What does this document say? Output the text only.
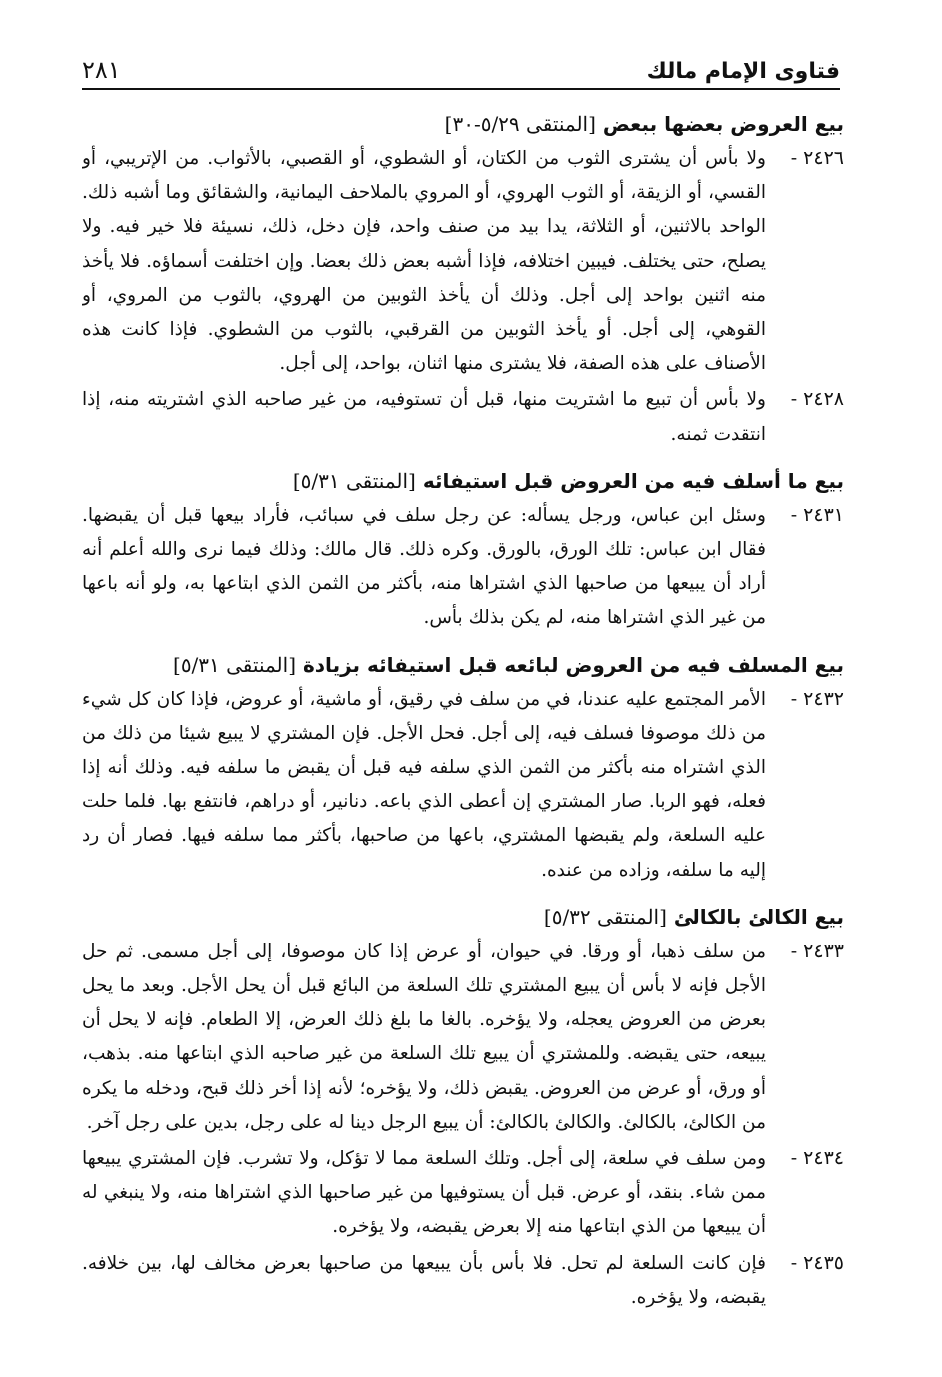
فتاوى الإمام مالك
٢٨١
بيع العروض بعضها ببعض [المنتقى ٥/٢٩-٣٠]
٢٤٢٦ -
ولا بأس أن يشترى الثوب من الكتان، أو الشطوي، أو القصبي، بالأثواب. من الإتريبي، أو القسي، أو الزيقة، أو الثوب الهروي، أو المروي بالملاحف اليمانية، والشقائق وما أشبه ذلك. الواحد بالاثنين، أو الثلاثة، يدا بيد من صنف واحد، فإن دخل، ذلك، نسيئة فلا خير فيه. ولا يصلح، حتى يختلف. فيبين اختلافه، فإذا أشبه بعض ذلك بعضا. وإن اختلفت أسماؤه. فلا يأخذ منه اثنين بواحد إلى أجل. وذلك أن يأخذ الثوبين من الهروي، بالثوب من المروي، أو القوهي، إلى أجل. أو يأخذ الثوبين من القرقبي، بالثوب من الشطوي. فإذا كانت هذه الأصناف على هذه الصفة، فلا يشترى منها اثنان، بواحد، إلى أجل.
٢٤٢٨ -
ولا بأس أن تبيع ما اشتريت منها، قبل أن تستوفيه، من غير صاحبه الذي اشتريته منه، إذا انتقدت ثمنه.
بيع ما أسلف فيه من العروض قبل استيفائه [المنتقى ٥/٣١]
٢٤٣١ -
وسئل ابن عباس، ورجل يسأله: عن رجل سلف في سبائب، فأراد بيعها قبل أن يقبضها. فقال ابن عباس: تلك الورق، بالورق. وكره ذلك. قال مالك: وذلك فيما نرى والله أعلم أنه أراد أن يبيعها من صاحبها الذي اشتراها منه، بأكثر من الثمن الذي ابتاعها به، ولو أنه باعها من غير الذي اشتراها منه، لم يكن بذلك بأس.
بيع المسلف فيه من العروض لبائعه قبل استيفائه بزيادة [المنتقى ٥/٣١]
٢٤٣٢ -
الأمر المجتمع عليه عندنا، في من سلف في رقيق، أو ماشية، أو عروض، فإذا كان كل شيء من ذلك موصوفا فسلف فيه، إلى أجل. فحل الأجل. فإن المشتري لا يبيع شيئا من ذلك من الذي اشتراه منه بأكثر من الثمن الذي سلفه فيه قبل أن يقبض ما سلفه فيه. وذلك أنه إذا فعله، فهو الربا. صار المشتري إن أعطى الذي باعه. دنانير، أو دراهم، فانتفع بها. فلما حلت عليه السلعة، ولم يقبضها المشتري، باعها من صاحبها، بأكثر مما سلفه فيها. فصار أن رد إليه ما سلفه، وزاده من عنده.
بيع الكالئ بالكالئ [المنتقى ٥/٣٢]
٢٤٣٣ -
من سلف ذهبا، أو ورقا. في حيوان، أو عرض إذا كان موصوفا، إلى أجل مسمى. ثم حل الأجل فإنه لا بأس أن يبيع المشتري تلك السلعة من البائع قبل أن يحل الأجل. وبعد ما يحل بعرض من العروض يعجله، ولا يؤخره. بالغا ما بلغ ذلك العرض، إلا الطعام. فإنه لا يحل أن يبيعه، حتى يقبضه. وللمشتري أن يبيع تلك السلعة من غير صاحبه الذي ابتاعها منه. بذهب، أو ورق، أو عرض من العروض. يقبض ذلك، ولا يؤخره؛ لأنه إذا أخر ذلك قبح، ودخله ما يكره من الكالئ، بالكالئ. والكالئ بالكالئ: أن يبيع الرجل دينا له على رجل، بدين على رجل آخر.
٢٤٣٤ -
ومن سلف في سلعة، إلى أجل. وتلك السلعة مما لا تؤكل، ولا تشرب. فإن المشتري يبيعها ممن شاء. بنقد، أو عرض. قبل أن يستوفيها من غير صاحبها الذي اشتراها منه، ولا ينبغي له أن يبيعها من الذي ابتاعها منه إلا بعرض يقبضه، ولا يؤخره.
٢٤٣٥ -
فإن كانت السلعة لم تحل. فلا بأس بأن يبيعها من صاحبها بعرض مخالف لها، بين خلافه. يقبضه، ولا يؤخره.
